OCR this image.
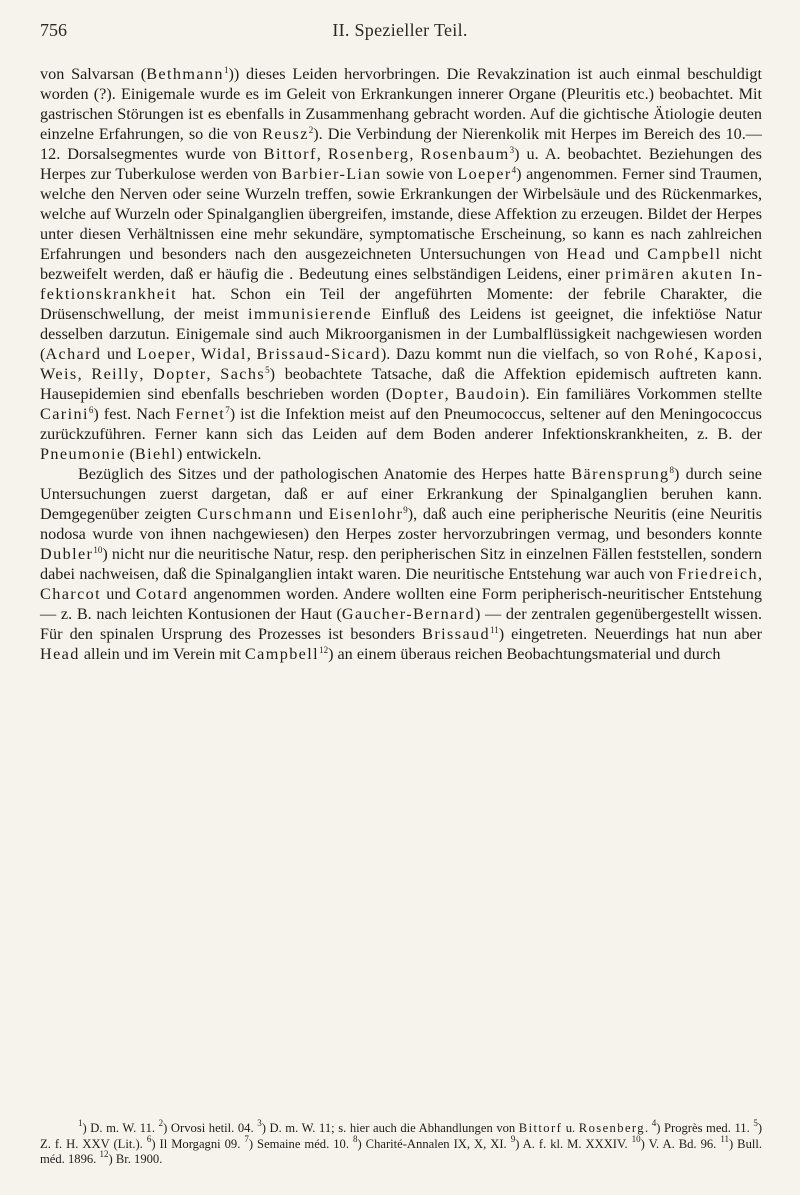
756	II. Spezieller Teil.

von Salvarsan (Bethmann$^1$)) dieses Leiden hervorbringen. Die Revakzination ist auch einmal beschuldigt worden (?). Einigemale wurde es im Geleit von Erkrankungen innerer Organe (Pleuritis etc.) beobachtet. Mit gastrischen Störungen ist es ebenfalls in Zusammenhang gebracht worden. Auf die gichtische Ätiologie deuten einzelne Erfahrungen, so die von Reusz$^2$). Die Verbindung der Nierenkolik mit Herpes im Bereich des 10.—12. Dorsalsegmentes wurde von Bittorf, Rosenberg, Rosenbaum$^3$) u. A. beobachtet. Beziehungen des Herpes zur Tuberkulose werden von Barbier-Lian sowie von Loeper$^4$) angenommen. Ferner sind Traumen, welche den Nerven oder seine Wurzeln treffen, sowie Erkrankungen der Wirbelsäule und des Rückenmarkes, welche auf Wurzeln oder Spinalganglien übergreifen, imstande, diese Affektion zu erzeugen. Bildet der Herpes unter diesen Verhältnissen eine mehr sekundäre, symptomatische Erscheinung, so kann es nach zahlreichen Erfahrungen und besonders nach den ausgezeichneten Untersuchungen von Head und Campbell nicht bezweifelt werden, daß er häufig die . Bedeutung eines selbständigen Leidens, einer primären akuten Infektionskrankheit hat. Schon ein Teil der angeführten Momente: der febrile Charakter, die Drüsenschwellung, der meist immunisierende Einfluß des Leidens ist geeignet, die infektiöse Natur desselben darzutun. Einigemale sind auch Mikroorganismen in der Lumbalflüssigkeit nachgewiesen worden (Achard und Loeper, Widal, Brissaud-Sicard). Dazu kommt nun die vielfach, so von Rohé, Kaposi, Weis, Reilly, Dopter, Sachs$^5$) beobachtete Tatsache, daß die Affektion epidemisch auftreten kann. Hausepidemien sind ebenfalls beschrieben worden (Dopter, Baudoin). Ein familiäres Vorkommen stellte Carini$^6$) fest. Nach Fernet$^7$) ist die Infektion meist auf den Pneumococcus, seltener auf den Meningococcus zurückzuführen. Ferner kann sich das Leiden auf dem Boden anderer Infektionskrankheiten, z. B. der Pneumonie (Biehl) entwickeln.

Bezüglich des Sitzes und der pathologischen Anatomie des Herpes hatte Bärensprung$^8$) durch seine Untersuchungen zuerst dargetan, daß er auf einer Erkrankung der Spinalganglien beruhen kann. Demgegenüber zeigten Curschmann und Eisenlohr$^9$), daß auch eine peripherische Neuritis (eine Neuritis nodosa wurde von ihnen nachgewiesen) den Herpes zoster hervorzubringen vermag, und besonders konnte Dubler$^{10}$) nicht nur die neuritische Natur, resp. den peripherischen Sitz in einzelnen Fällen feststellen, sondern dabei nachweisen, daß die Spinalganglien intakt waren. Die neuritische Entstehung war auch von Friedreich, Charcot und Cotard angenommen worden. Andere wollten eine Form peripherisch-neuritischer Entstehung — z. B. nach leichten Kontusionen der Haut (Gaucher-Bernard) — der zentralen gegenübergestellt wissen. Für den spinalen Ursprung des Prozesses ist besonders Brissaud$^{11}$) eingetreten. Neuerdings hat nun aber Head allein und im Verein mit Campbell$^{12}$) an einem überaus reichen Beobachtungsmaterial und durch

$^1$) D. m. W. 11. $^2$) Orvosi hetil. 04. $^3$) D. m. W. 11; s. hier auch die Abhandlungen von Bittorf u. Rosenberg. $^4$) Progrès med. 11. $^5$) Z. f. H. XXV (Lit.). $^6$) Il Morgagni 09. $^7$) Semaine méd. 10. $^8$) Charité-Annalen IX, X, XI. $^9$) A. f. kl. M. XXXIV. $^{10}$) V. A. Bd. 96. $^{11}$) Bull. méd. 1896. $^{12}$) Br. 1900.
